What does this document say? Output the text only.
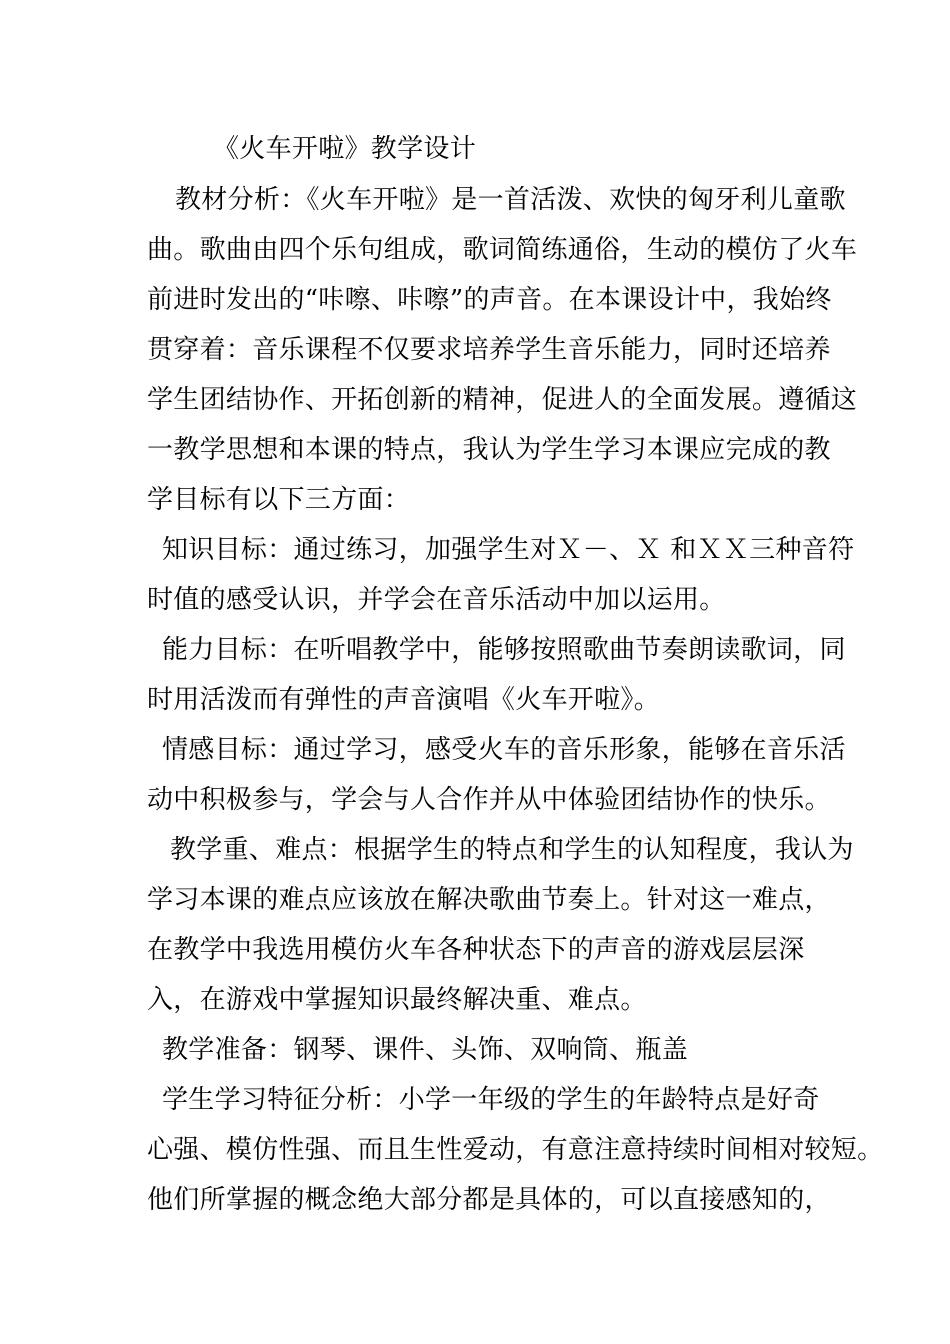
《火车开啦》教学设计
教材分析：《火车开啦》是一首活泼、欢快的匈牙利儿童歌
曲。歌曲由四个乐句组成，歌词简练通俗，生动的模仿了火车
前进时发出的“咔嚓、咔嚓”的声音。在本课设计中，我始终
贯穿着：音乐课程不仅要求培养学生音乐能力，同时还培养
学生团结协作、开拓创新的精神，促进人的全面发展。遵循这
一教学思想和本课的特点，我认为学生学习本课应完成的教
学目标有以下三方面：
知识目标：通过练习，加强学生对Ｘ－、Ｘ 和ＸＸ三种音符
时值的感受认识，并学会在音乐活动中加以运用。
能力目标：在听唱教学中，能够按照歌曲节奏朗读歌词，同
时用活泼而有弹性的声音演唱《火车开啦》。
情感目标：通过学习，感受火车的音乐形象，能够在音乐活
动中积极参与，学会与人合作并从中体验团结协作的快乐。
教学重、难点：根据学生的特点和学生的认知程度，我认为
学习本课的难点应该放在解决歌曲节奏上。针对这一难点，
在教学中我选用模仿火车各种状态下的声音的游戏层层深
入，在游戏中掌握知识最终解决重、难点。
教学准备：钢琴、课件、头饰、双响筒、瓶盖
学生学习特征分析：小学一年级的学生的年龄特点是好奇
心强、模仿性强、而且生性爱动，有意注意持续时间相对较短。
他们所掌握的概念绝大部分都是具体的，可以直接感知的，
